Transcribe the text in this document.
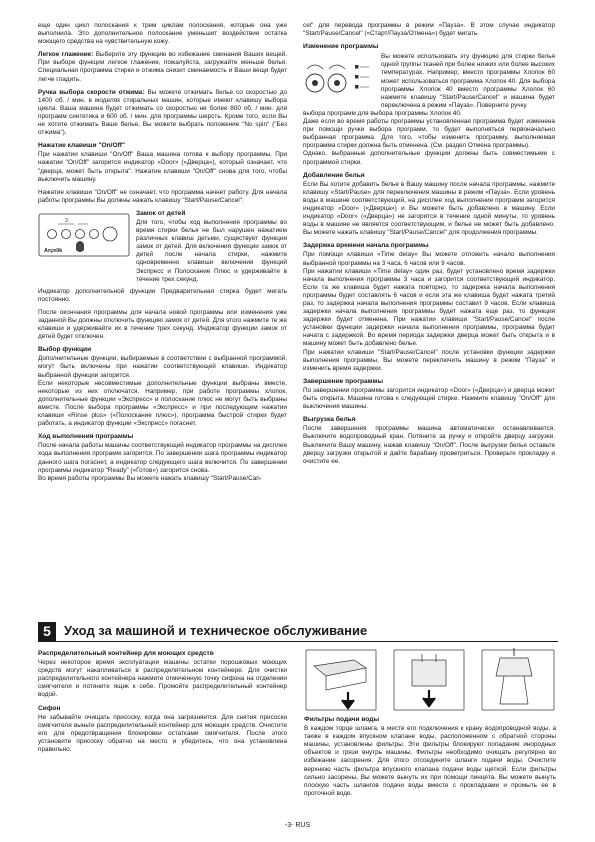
еще один цикл полоскания к трем циклам полоскания, которые она уже выполнила. Это дополнительное полоскание уменьшит воздействие остатка моющего средства на чувствительную кожу.

Легкое глажение: Выберите эту функцию во избежание сминания Ваших вещей. При выборе функции легкое глажение, пожалуйста, загружайте меньше белья. Специальная программа стирки и отжима снизит сминаемость и Ваши вещи будет легче гладить.

Ручка выбора скорости отжима: Вы можете отжимать белье со скоростью до 1400 об. / мин. в моделях стиральных машин, которые имеют клавишу выбора цикла. Ваша машина будет отжимать со скоростью не более 800 об. / мин. для программ синтетика и 600 об. / мин. для программы шерсть. Кроме того, если Вы не хотите отжимать Ваше белье, Вы можете выбрать положение "No spin" ("Без отжима").

Нажатие клавиши "On/Off"

При нажатии клавиши "On/Off" Ваша машина готова к выбору программы. При нажатии "On/Off" загорится индикатор «Door» («Дверца»), который означает, что "дверца, может быть открыта". Нажатие клавиши "On/Off" снова для того, чтобы выключить машину.

Нажатие клавиши "On/Off" не означает, что программа начнет работу. Для начала работы программы Вы должны нажать клавишу "Start/Pause/Cancel".

3
Arçelik
Замок от детей

Для того, чтобы ход выполнения программы во время стирки белья не был нарушен нажатием различных клавиш детьми, существует функция замок от детей. Для включения функции замок от детей после начала стирки, нажмите одновременно клавиши включения функций Экспресс и Полоскание Плюс и удерживайте в течение трех секунд.

Индикатор дополнительной функции Предварительная стирка будет мигать постоянно.

После окончания программы для начала новой программы или изменения уже заданной Вы должны отключить функцию замок от детей. Для этого нажмите те же клавиши и удерживайте их в течение трех секунд. Индикатор функции замок от детей будет отключен.

Выбор функции

Дополнительные функции, выбираемые в соответствии с выбранной программой, могут быть включены при нажатии соответствующей клавиши. Индикатор выбранной функции загорится.

Если некоторые несовместимые дополнительные функции выбраны вместе, некоторые из них отключатся. Например, при работе программы хлопок, дополнительные функции «Экспресс» и полоскание плюс не могут быть выбраны вместе. После выбора программы «Экспресс» и при последующем нажатии клавиши «Rinse plus» («Полоскание плюс»), программа быстрой стирки будет работать, а индикатор функции «Экспресс» погаснет.

Ход выполнения программы

После начала работы машины соответствующий индикатор программы на дисплее хода выполнения программ загорится. По завершении шага программы индикатор данного шага погаснет, а индикатор следующего шага включится. По завершении программы индикатор "Ready" («Готов») загорится снова.

Во время работы программы Вы можете нажать клавишу "Start/Pause/Can-

cel" для перевода программы в режим «Пауза». В этом случае индикатор "Start/Pause/Cancel" («Старт/Пауза/Отмена») будет мигать.

Изменение программы

Вы можете использовать эту функцию для стирки белья одной группы тканей при более низких или более высоких температурах. Например, вместо программы Хлопок 60 может использоваться программа Хлопок 40. Для выбора программы Хлопок 40 вместо программы Хлопок 60 нажмите клавишу "Start/Pause/Cancel" и машина будет переключена в режим «Пауза». Поверните ручку

выбора программ для выбора программы Хлопок 40.

Даже если во время работы программы установленная программа будет изменена при помощи ручки выбора программ, то будет выполняться первоначально выбранная программа. Для того, чтобы изменить программу, выполняемая программа стирки должна быть отменена. (См. раздел Отмена программы).

Однако, выбранные дополнительные функции должны быть совместимыми с программой стирки.

Добавление белья

Если Вы хотите добавить белье в Вашу машину после начала программы, нажмите клавишу «Start/Pause» для переключения машины в режим «Пауза». Если уровень воды в машине соответствующий, на дисплее ход выполнения программ загорится индикатор «Door» («Дверца») и Вы можете быть добавлено в машину. Если индикатор «Door» («Дверца») не загорится в течение одной минуты, то уровень воды в машине не является соответствующим, и белье не может быть добавлено. Вы можете нажать клавишу "Start/Pause/Cancel" для продолжения программы.

Задержка времени начала программы

При помощи клавиши «Time delay» Вы можете отложить начало выполнения выбранной программы на 3 часа, 6 часов или 9 часов.

При нажатии клавиши «Time delay» один раз, будет установлено время задержки начала выполнения программы 3 часа и загорится соответствующий индикатор. Если та же клавиша будет нажата повторно, то задержка начала выполнения программы будет составлять 6 часов и если эта же клавиша будет нажата третий раз, то задержка начала выполнения программы составит 9 часов. Если клавиша задержки начала выполнения программы будет нажата еще раз, то функция задержки будет отменена. При нажатии клавиши "Start/Pause/Cancel" после установки функции задержки начала выполнения программы, программа будет начата с задержкой. Во время периода задержки дверца может быть открыта и в машину может быть добавлено белье.

При нажатии клавиши "Start/Pause/Cancel" после установки функции задержки выполнения программы, Вы можете переключить машину в режим "Пауза" и изменить время задержки.

Завершение программы

По завершении программы загорится индикатор «Door» («Дверца») и дверца может быть открыта. Машина готова к следующей стирке. Нажмите клавишу "On/Off" для выключения машины.

Выгрузка белья

После завершения программы машина автоматически останавливается. Выключите водопроводный кран. Потяните за ручку и откройте дверцу загрузки. Выключите Вашу машину, нажав клавишу "On/Off". После выгрузки белья оставьте дверцу загрузки открытой и дайте барабану проветриться. Проверьте прокладку и очистите ее.

5	Уход за машиной и техническое обслуживание
Распределительный контейнер для моющих средств

Через некоторое время эксплуатации машины остатки порошковых моющих средств могут накапливаться в распределительном контейнере. Для очистки распределительного контейнера нажмите отмеченную точку сифона на отделении смягчителя и потяните ящик к себе. Промойте распределительный контейнер водой.

Сифон

Не забывайте очищать присоску, когда она загрязняется. Для снятия присоски смягчителя выньте распределительный контейнер для моющих средств. Очистите его для предотвращения блокировки остатками смягчителя. После этого установите присоску обратно на место и убедитесь, что она установлена правильно.

Фильтры подачи воды

В каждом торце шланга, в месте его подключения к крану водопроводной воды, а также в каждом впускном клапане воды, расположенном с обратной стороны машины, установлены фильтры. Эти фильтры блокируют попадание инородных объектов и грязи внутрь машины. Фильтры необходимо очищать регулярно во избежание засорения. Для этого отсоедините шланги подачи воды. Очистите верхнюю часть фильтра впускного клапана подачи воды щеткой. Если фильтры сильно засорены, Вы можете вынуть их при помощи пинцета. Вы можете вынуть плоскую часть шлангов подачи воды вместе с прокладками и промыть ее в проточной воде.

-3- RUS
